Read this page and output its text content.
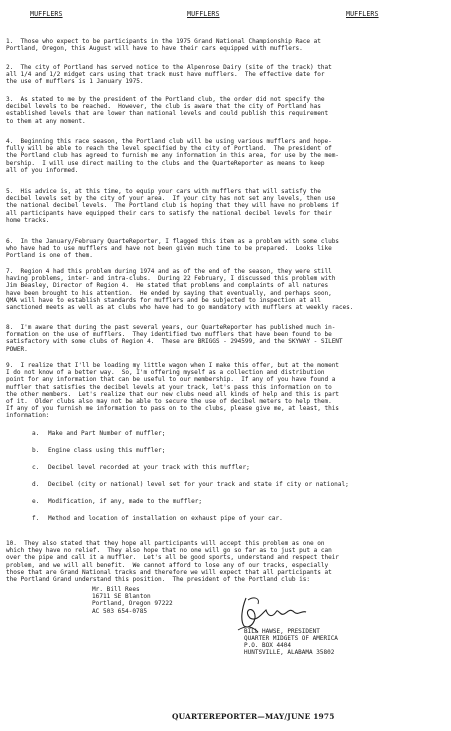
MUFFLERS	MUFFLERS	MUFFLERS
1.  Those who expect to be participants in the 1975 Grand National Championship Race at
Portland, Oregon, this August will have to have their cars equipped with mufflers.
2.  The city of Portland has served notice to the Alpenrose Dairy (site of the track) that
all 1/4 and 1/2 midget cars using that track must have mufflers.  The effective date for
the use of mufflers is 1 January 1975.
3.  As stated to me by the president of the Portland club, the order did not specify the
decibel levels to be reached.  However, the club is aware that the city of Portland has
established levels that are lower than national levels and could publish this requirement
to them at any moment.
4.  Beginning this race season, the Portland club will be using various mufflers and hope-
fully will be able to reach the level specified by the city of Portland.  The president of
the Portland club has agreed to furnish me any information in this area, for use by the mem-
bership.  I will use direct mailing to the clubs and the QuarteReporter as means to keep
all of you informed.
5.  His advice is, at this time, to equip your cars with mufflers that will satisfy the
decibel levels set by the city of your area.  If your city has not set any levels, then use
the national decibel levels.  The Portland club is hoping that they will have no problems if
all participants have equipped their cars to satisfy the national decibel levels for their
home tracks.
6.  In the January/February QuarteReporter, I flagged this item as a problem with some clubs
who have had to use mufflers and have not been given much time to be prepared.  Looks like
Portland is one of them.
7.  Region 4 had this problem during 1974 and as of the end of the season, they were still
having problems, inter- and intra-clubs.  During 22 February, I discussed this problem with
Jim Beasley, Director of Region 4.  He stated that problems and complaints of all natures
have been brought to his attention.  He ended by saying that eventually, and perhaps soon,
QMA will have to establish standards for mufflers and be subjected to inspection at all
sanctioned meets as well as at clubs who have had to go mandatory with mufflers at weekly races.
8.  I'm aware that during the past several years, our QuarteReporter has published much in-
formation on the use of mufflers.  They identified two mufflers that have been found to be
satisfactory with some clubs of Region 4.  These are BRIGGS - 294599, and the SKYWAY - SILENT
POWER.
9.  I realize that I'll be loading my little wagon when I make this offer, but at the moment
I do not know of a better way.  So, I'm offering myself as a collection and distribution
point for any information that can be useful to our membership.  If any of you have found a
muffler that satisfies the decibel levels at your track, let's pass this information on to
the other members.  Let's realize that our new clubs need all kinds of help and this is part
of it.  Older clubs also may not be able to secure the use of decibel meters to help them.
If any of you furnish me information to pass on to the clubs, please give me, at least, this
information:
a. Make and Part Number of muffler;
b. Engine class using this muffler;
c. Decibel level recorded at your track with this muffler;
d. Decibel (city or national) level set for your track and state if city or national;
e. Modification, if any, made to the muffler;
f. Method and location of installation on exhaust pipe of your car.
10.  They also stated that they hope all participants will accept this problem as one on
which they have no relief.  They also hope that no one will go so far as to just put a can
over the pipe and call it a muffler.  Let's all be good sports, understand and respect their
problem, and we will all benefit.  We cannot afford to lose any of our tracks, especially
those that are Grand National tracks and therefore we will expect that all participants at
the Portland Grand understand this position.  The president of the Portland club is:
Mr. Bill Rees
16711 SE Blanton
Portland, Oregon 97222
AC 503 654-0785
BILL HAWSE, PRESIDENT
QUARTER MIDGETS OF AMERICA
P.O. BOX 4404
HUNTSVILLE, ALABAMA 35802
QUARTEREPORTER—MAY/JUNE 1975
